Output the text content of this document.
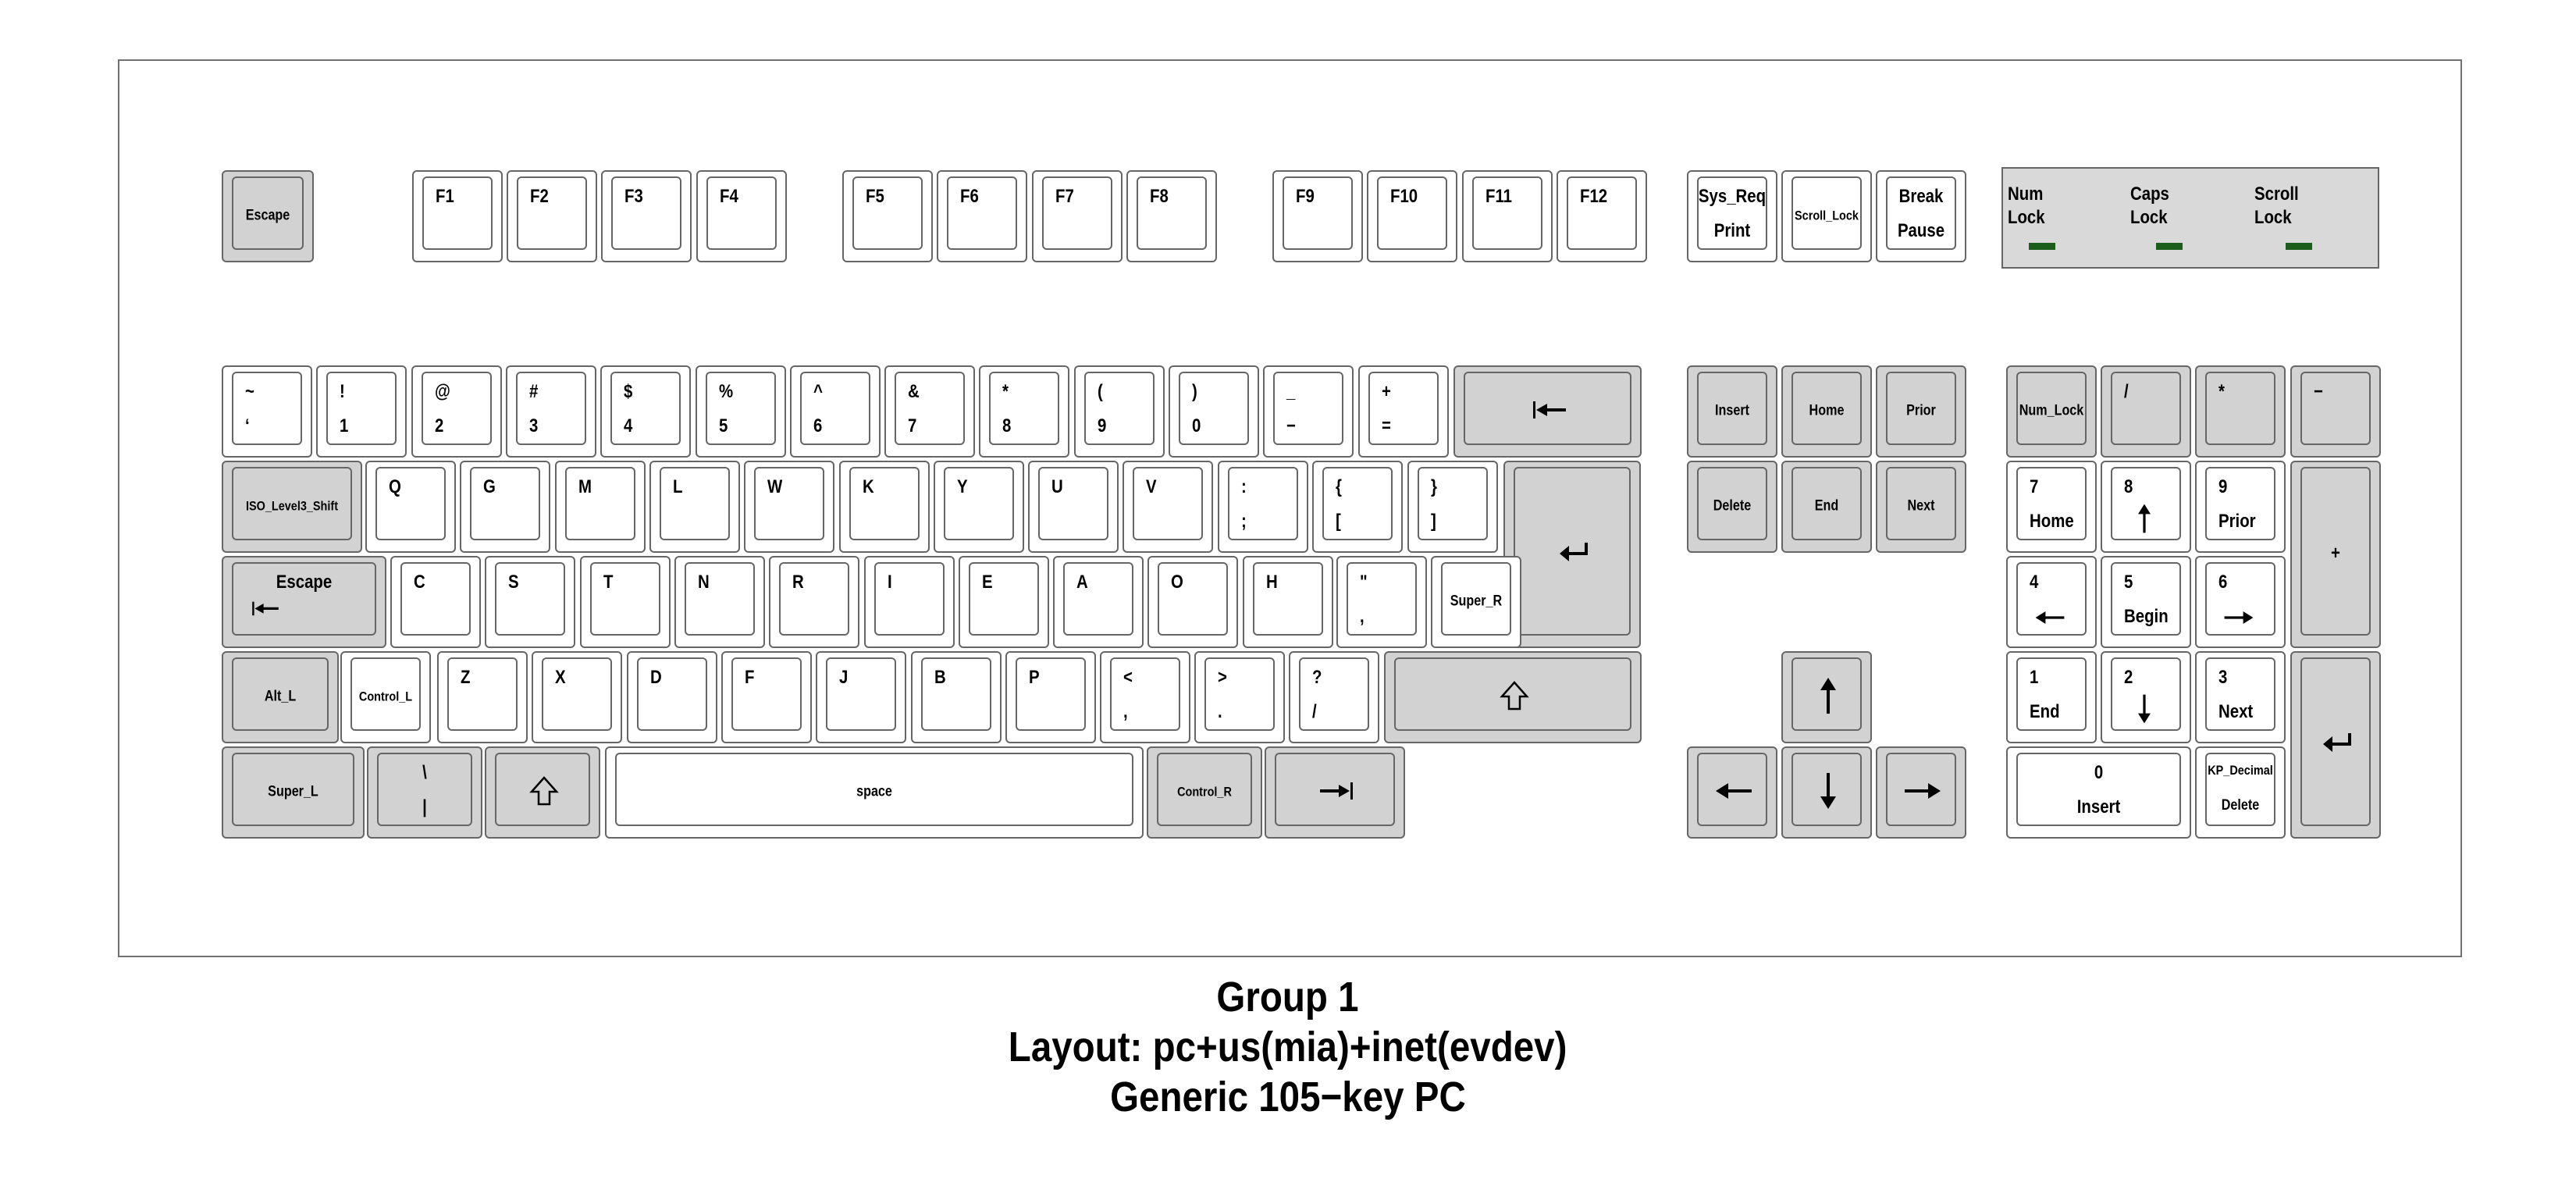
Escape
F1	F2	F3	F4	F5	F6	F7	F8	F9	F10	F11	F12	Sys_Req
Print
Scroll_Lock
Break
Pause
~
‘
!
1
@
2
#
3
$
4
%
5
^
6
&
7
*
8
(
9
)
0
_
−
+
=
Insert	Home	Prior	Num_Lock
/	*	−
ISO_Level3_Shift
Q	G	M	L	W	K	Y	U	V	:
;
{
[
}
]
Delete	End	Next
7
Home
8	9
Prior
+
Escape	C	S	T	N	R	I	E	A	O	H	"
,
Super_R
4	5
Begin
6
Alt_L	Control_L
Z	X	D	F	J	B	P	<
,
>
.
?
/
1
End
2	3
Next
Super_L
\
|
space	Control_R
0
Insert
KP_Decimal
Delete
Num
Lock
Caps
Lock
Scroll
Lock
Group 1
Layout: pc+us(mia)+inet(evdev)
Generic 105−key PC
